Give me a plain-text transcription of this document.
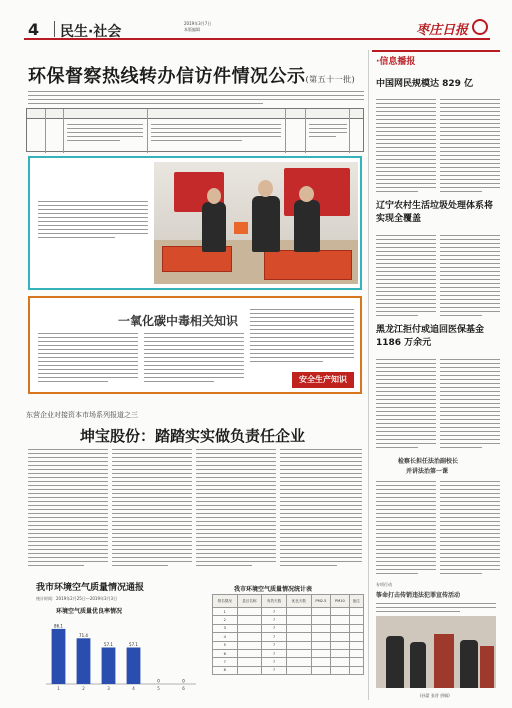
4 民生·社会
2019年3月7日
本版编辑	枣庄日报
环保督察热线转办信访件情况公示(第五十一批)
一氧化碳中毒相关知识
安全生产知识
东营企业对接资本市场系列报道之三
坤宝股份：踏踏实实做负责任企业
我市环境空气质量情况通报
统计时间：2019年2月25日—2019年3月3日
环境空气质量优良率情况
86.1
1
71.4
2
57.1
3
57.1
4
0
5
0
6
我市环境空气质量情况统计表
排名情况	县区名称	有效天数	优良天数	PM2.5	PM10	备注
1		7				
2		7				
3		7				
4		7				
5		7				
6		7				
7		7				
8		7				
·信息播报
中国网民规模达 829 亿
辽宁农村生活垃圾处理体系将实现全覆盖
黑龙江拒付或追回医保基金1186 万余元
检察长担任法治副校长
并讲法治第一课
专项行动
筝命打击传销违法犯罪宣传活动
(孙蒙 张晋 供稿)
